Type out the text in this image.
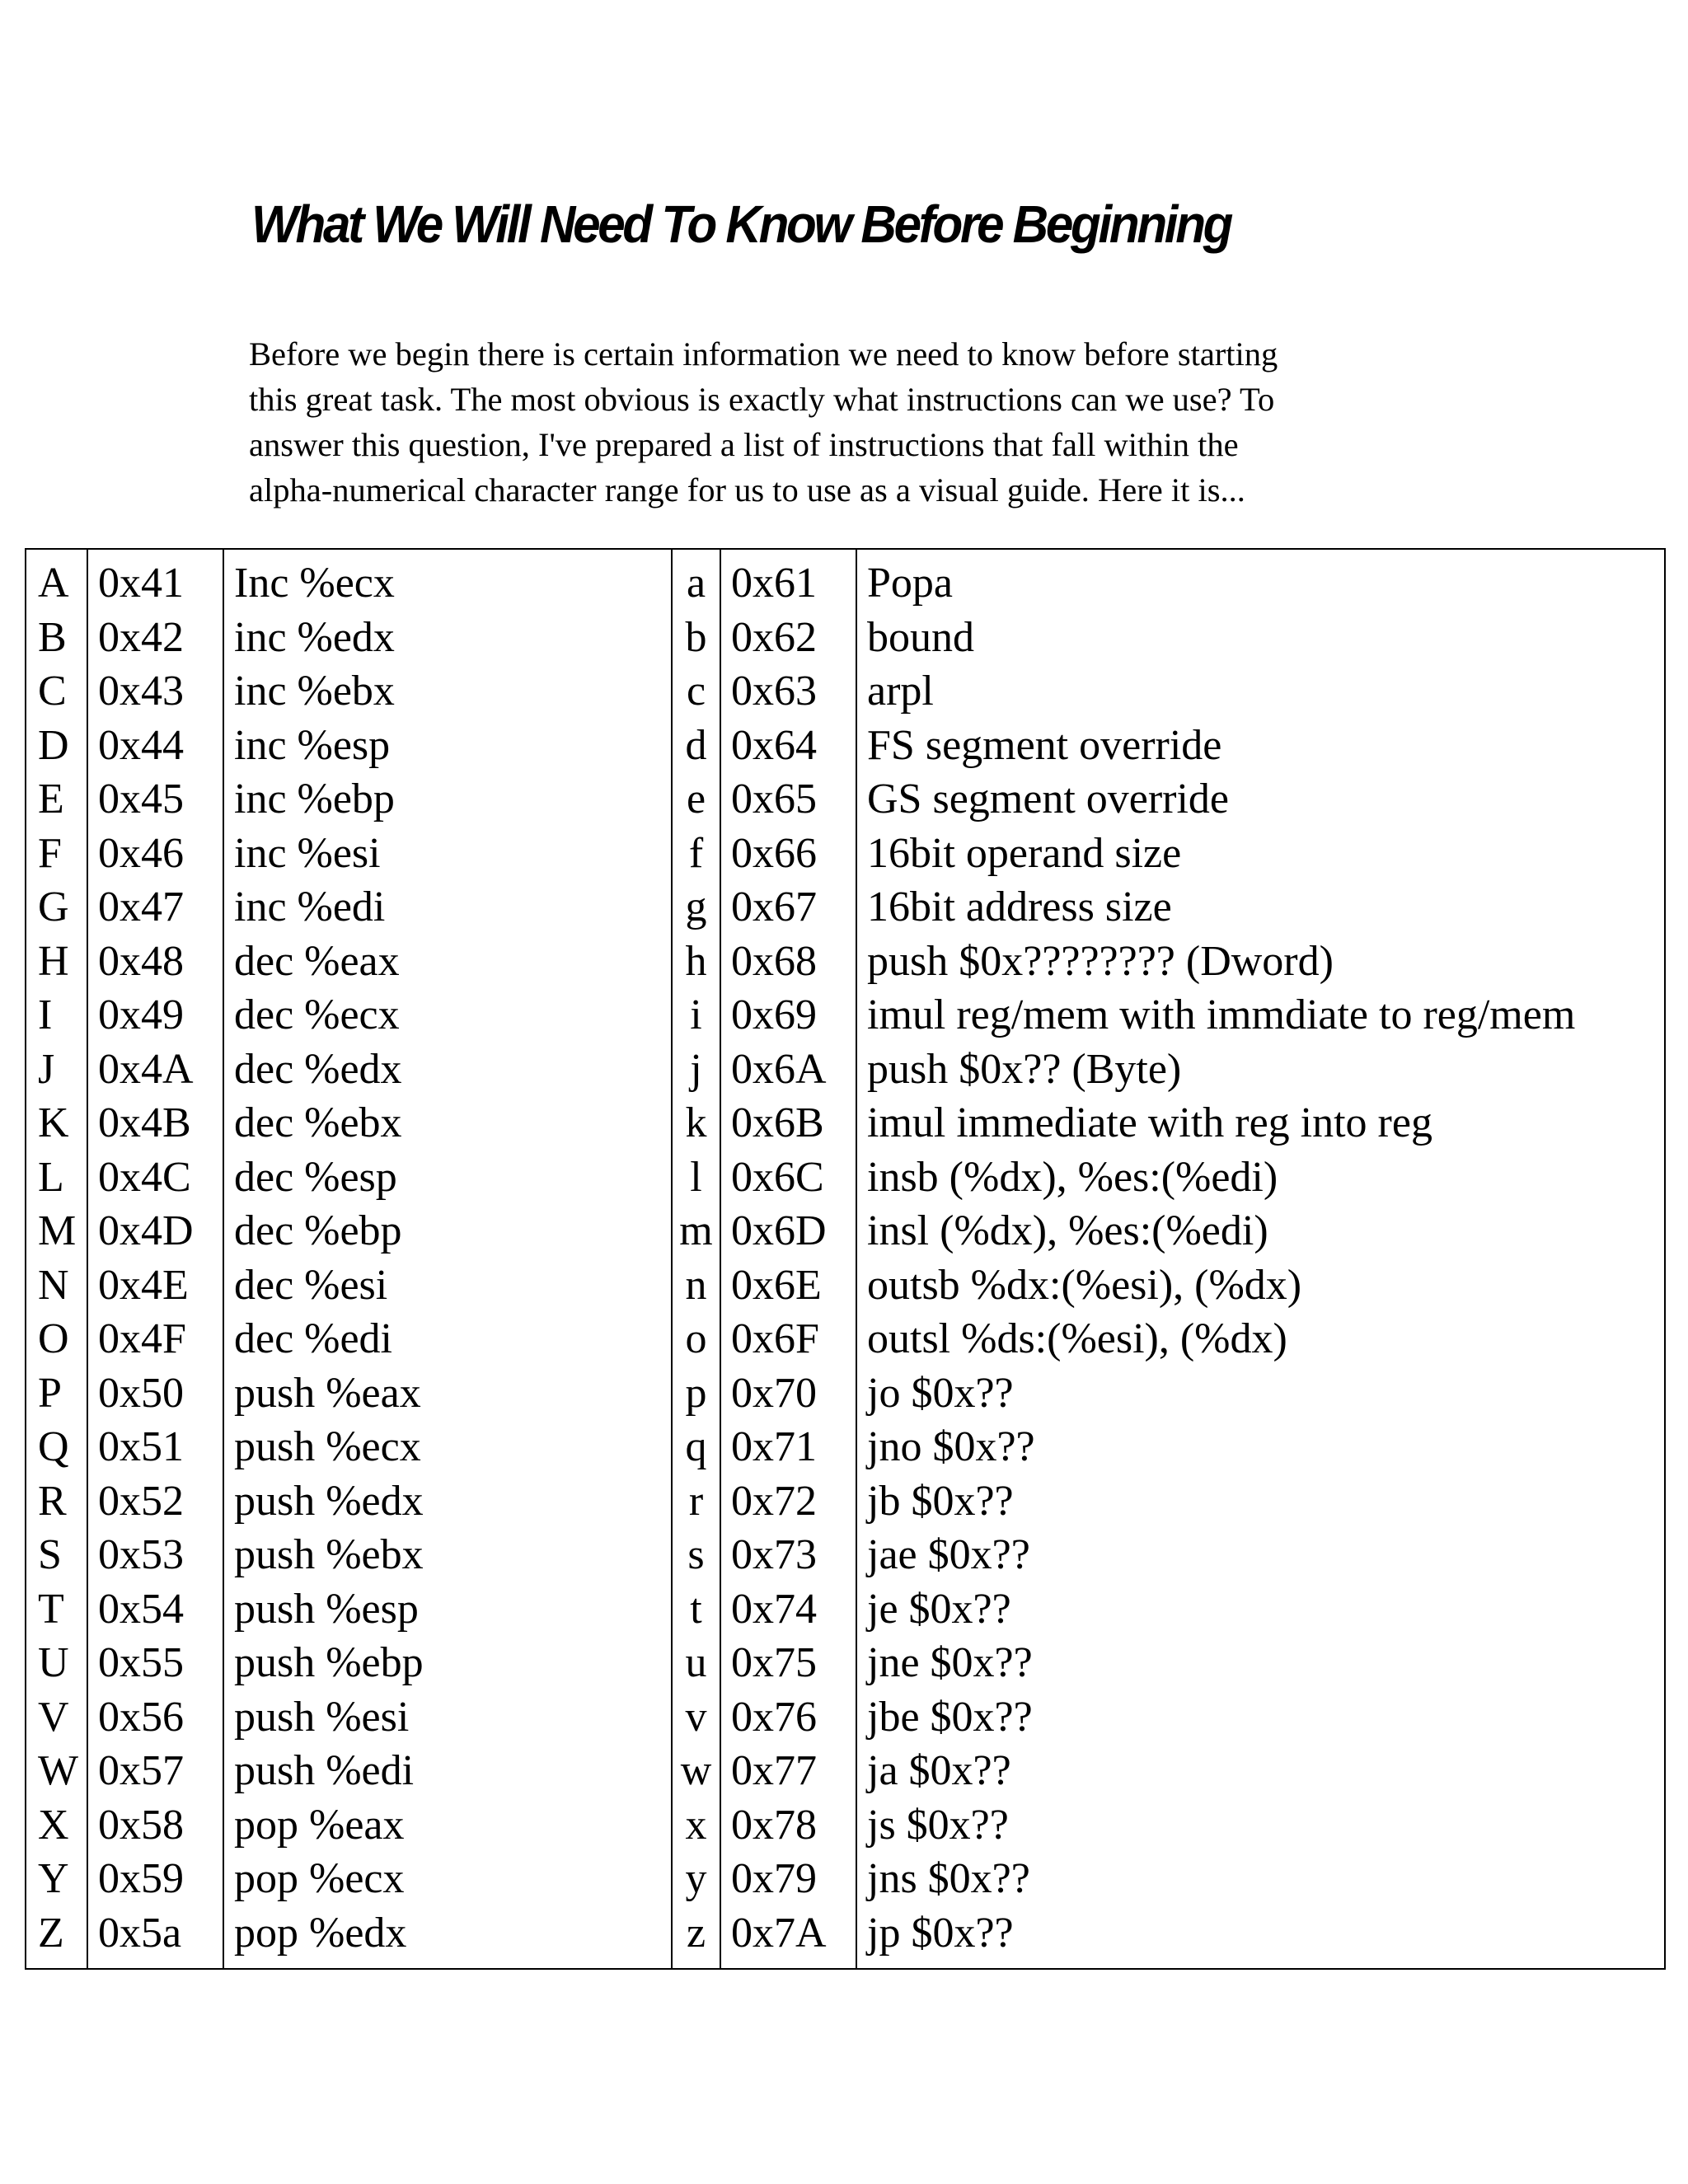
What We Will Need To Know Before Beginning
Before we begin there is certain information we need to know before starting
this great task. The most obvious is exactly what instructions can we use? To
answer this question, I've prepared a list of instructions that fall within the
alpha-numerical character range for us to use as a visual guide. Here it is...
A	0x41	Inc %ecx	a	0x61	Popa
B	0x42	inc %edx	b	0x62	bound
C	0x43	inc %ebx	c	0x63	arpl
D	0x44	inc %esp	d	0x64	FS segment override
E	0x45	inc %ebp	e	0x65	GS segment override
F	0x46	inc %esi	f	0x66	16bit operand size
G	0x47	inc %edi	g	0x67	16bit address size
H	0x48	dec %eax	h	0x68	push $0x???????? (Dword)
I	0x49	dec %ecx	i	0x69	imul reg/mem with immdiate to reg/mem
J	0x4A	dec %edx	j	0x6A	push $0x?? (Byte)
K	0x4B	dec %ebx	k	0x6B	imul immediate with reg into reg
L	0x4C	dec %esp	l	0x6C	insb (%dx), %es:(%edi)
M	0x4D	dec %ebp	m	0x6D	insl (%dx), %es:(%edi)
N	0x4E	dec %esi	n	0x6E	outsb %dx:(%esi), (%dx)
O	0x4F	dec %edi	o	0x6F	outsl %ds:(%esi), (%dx)
P	0x50	push %eax	p	0x70	jo $0x??
Q	0x51	push %ecx	q	0x71	jno $0x??
R	0x52	push %edx	r	0x72	jb $0x??
S	0x53	push %ebx	s	0x73	jae $0x??
T	0x54	push %esp	t	0x74	je $0x??
U	0x55	push %ebp	u	0x75	jne $0x??
V	0x56	push %esi	v	0x76	jbe $0x??
W	0x57	push %edi	w	0x77	ja $0x??
X	0x58	pop %eax	x	0x78	js $0x??
Y	0x59	pop %ecx	y	0x79	jns $0x??
Z	0x5a	pop %edx	z	0x7A	jp $0x??
